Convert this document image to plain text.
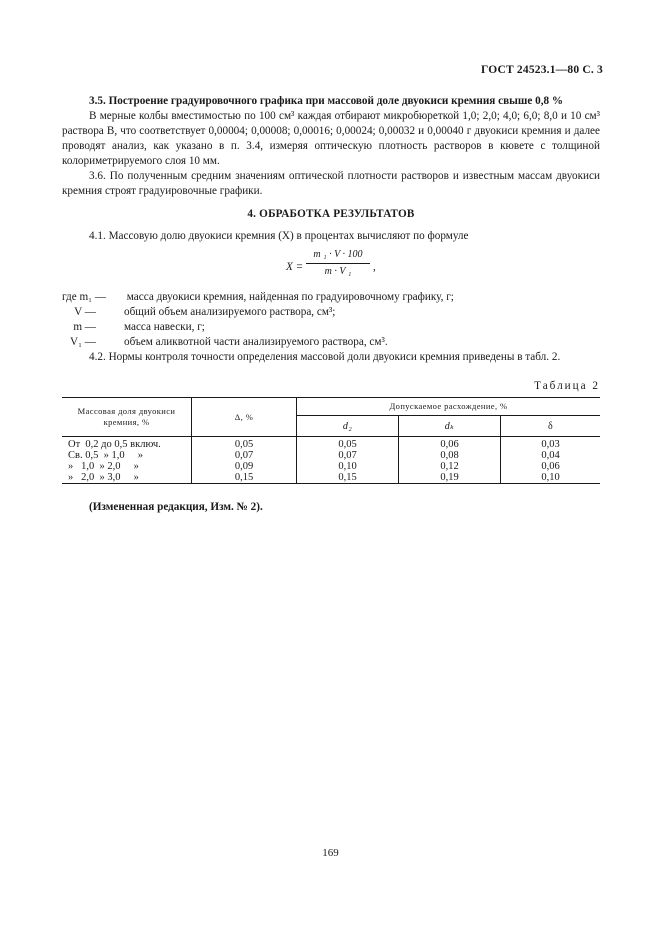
ГОСТ 24523.1—80 С. 3

3.5. Построение градуировочного графика при массовой доле двуокиси кремния свыше 0,8 %

В мерные колбы вместимостью по 100 см³ каждая отбирают микробюреткой 1,0; 2,0; 4,0; 6,0; 8,0 и 10 см³ раствора В, что соответствует 0,00004; 0,00008; 0,00016; 0,00024; 0,00032 и 0,00040 г двуокиси кремния и далее проводят анализ, как указано в п. 3.4, измеряя оптическую плотность растворов в кювете с толщиной колориметрируемого слоя 10 мм.

3.6. По полученным средним значениям оптической плотности растворов и известным массам двуокиси кремния строят градуировочные графики.

4. ОБРАБОТКА РЕЗУЛЬТАТОВ

4.1. Массовую долю двуокиси кремния (X) в процентах вычисляют по формуле

X =
m ₁ · V · 100
m · V ₁	,
где m₁ — масса двуокиси кремния, найденная по градуировочному графику, г;
V —	общий объем анализируемого раствора, см³;
m —	масса навески, г;
V₁ —	объем аликвотной части анализируемого раствора, см³.

4.2. Нормы контроля точности определения массовой доли двуокиси кремния приведены в табл. 2.

Таблица 2
Массовая доля двуокиси кремния, %	Δ, %	Допускаемое расхождение, %		
		d₂	dₖ	δ
От  0,2 до 0,5 включ.	0,05	0,05	0,06	0,03
Св. 0,5  » 1,0     »	0,07	0,07	0,08	0,04
»   1,0  » 2,0     »	0,09	0,10	0,12	0,06
»   2,0  » 3,0     »	0,15	0,15	0,19	0,10

(Измененная редакция, Изм. № 2).

169
